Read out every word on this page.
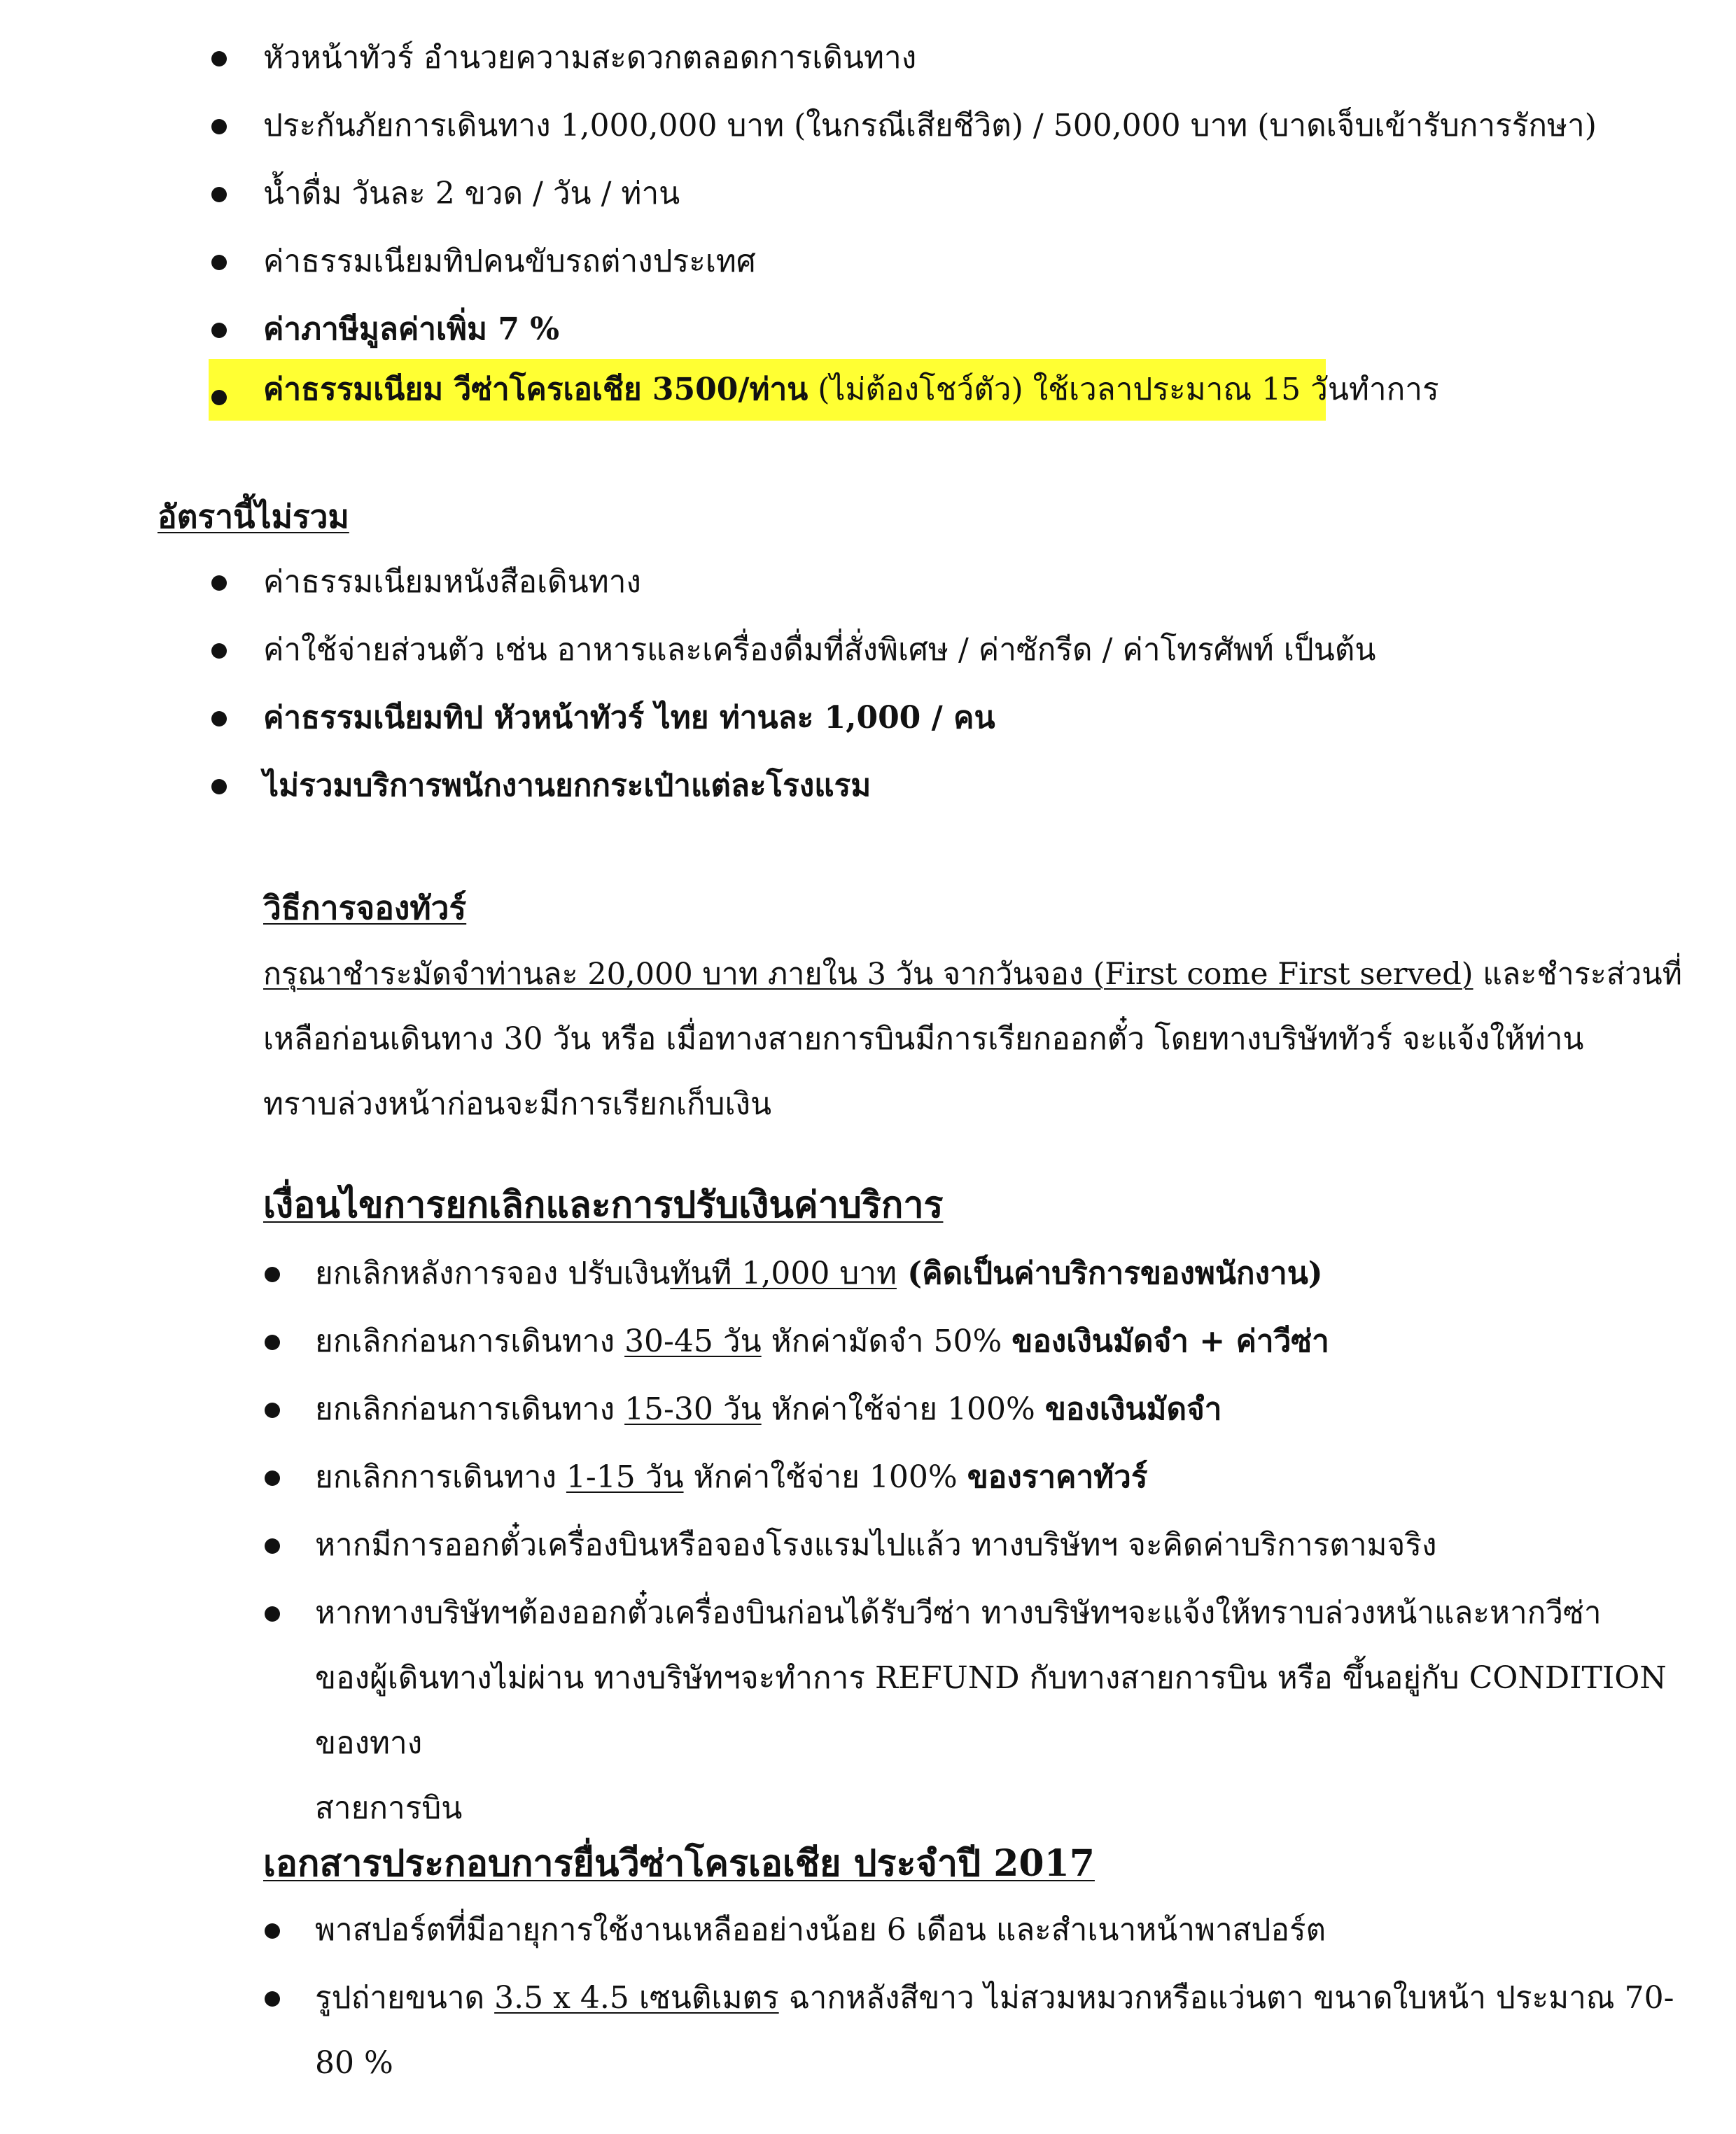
หัวหน้าทัวร์ อำนวยความสะดวกตลอดการเดินทาง
ประกันภัยการเดินทาง 1,000,000 บาท (ในกรณีเสียชีวิต) / 500,000 บาท (บาดเจ็บเข้ารับการรักษา)
น้ำดื่ม วันละ 2 ขวด / วัน / ท่าน
ค่าธรรมเนียมทิปคนขับรถต่างประเทศ
ค่าภาษีมูลค่าเพิ่ม 7 %
ค่าธรรมเนียม วีซ่าโครเอเชีย 3500/ท่าน (ไม่ต้องโชว์ตัว) ใช้เวลาประมาณ 15 วันทำการ
อัตรานี้ไม่รวม
ค่าธรรมเนียมหนังสือเดินทาง
ค่าใช้จ่ายส่วนตัว เช่น อาหารและเครื่องดื่มที่สั่งพิเศษ / ค่าซักรีด / ค่าโทรศัพท์ เป็นต้น
ค่าธรรมเนียมทิป หัวหน้าทัวร์ ไทย ท่านละ 1,000 / คน
ไม่รวมบริการพนักงานยกกระเป๋าแต่ละโรงแรม
วิธีการจองทัวร์
กรุณาชำระมัดจำท่านละ 20,000 บาท ภายใน 3 วัน จากวันจอง (First come First served) และชำระส่วนที่
เหลือก่อนเดินทาง 30 วัน หรือ เมื่อทางสายการบินมีการเรียกออกตั๋ว โดยทางบริษัททัวร์ จะแจ้งให้ท่าน
ทราบล่วงหน้าก่อนจะมีการเรียกเก็บเงิน
เงื่อนไขการยกเลิกและการปรับเงินค่าบริการ
ยกเลิกหลังการจอง ปรับเงินทันที 1,000 บาท (คิดเป็นค่าบริการของพนักงาน)
ยกเลิกก่อนการเดินทาง 30-45 วัน หักค่ามัดจำ 50% ของเงินมัดจำ + ค่าวีซ่า
ยกเลิกก่อนการเดินทาง 15-30 วัน หักค่าใช้จ่าย 100% ของเงินมัดจำ
ยกเลิกการเดินทาง 1-15 วัน หักค่าใช้จ่าย 100% ของราคาทัวร์
หากมีการออกตั๋วเครื่องบินหรือจองโรงแรมไปแล้ว ทางบริษัทฯ จะคิดค่าบริการตามจริง
หากทางบริษัทฯต้องออกตั๋วเครื่องบินก่อนได้รับวีซ่า ทางบริษัทฯจะแจ้งให้ทราบล่วงหน้าและหากวีซ่า
ของผู้เดินทางไม่ผ่าน ทางบริษัทฯจะทำการ REFUND กับทางสายการบิน หรือ ขึ้นอยู่กับ CONDITION
ของทาง
สายการบิน
เอกสารประกอบการยื่นวีซ่าโครเอเชีย ประจำปี 2017
พาสปอร์ตที่มีอายุการใช้งานเหลืออย่างน้อย 6 เดือน และสำเนาหน้าพาสปอร์ต
รูปถ่ายขนาด 3.5 x 4.5 เซนติเมตร ฉากหลังสีขาว ไม่สวมหมวกหรือแว่นตา ขนาดใบหน้า ประมาณ 70-
80 %
